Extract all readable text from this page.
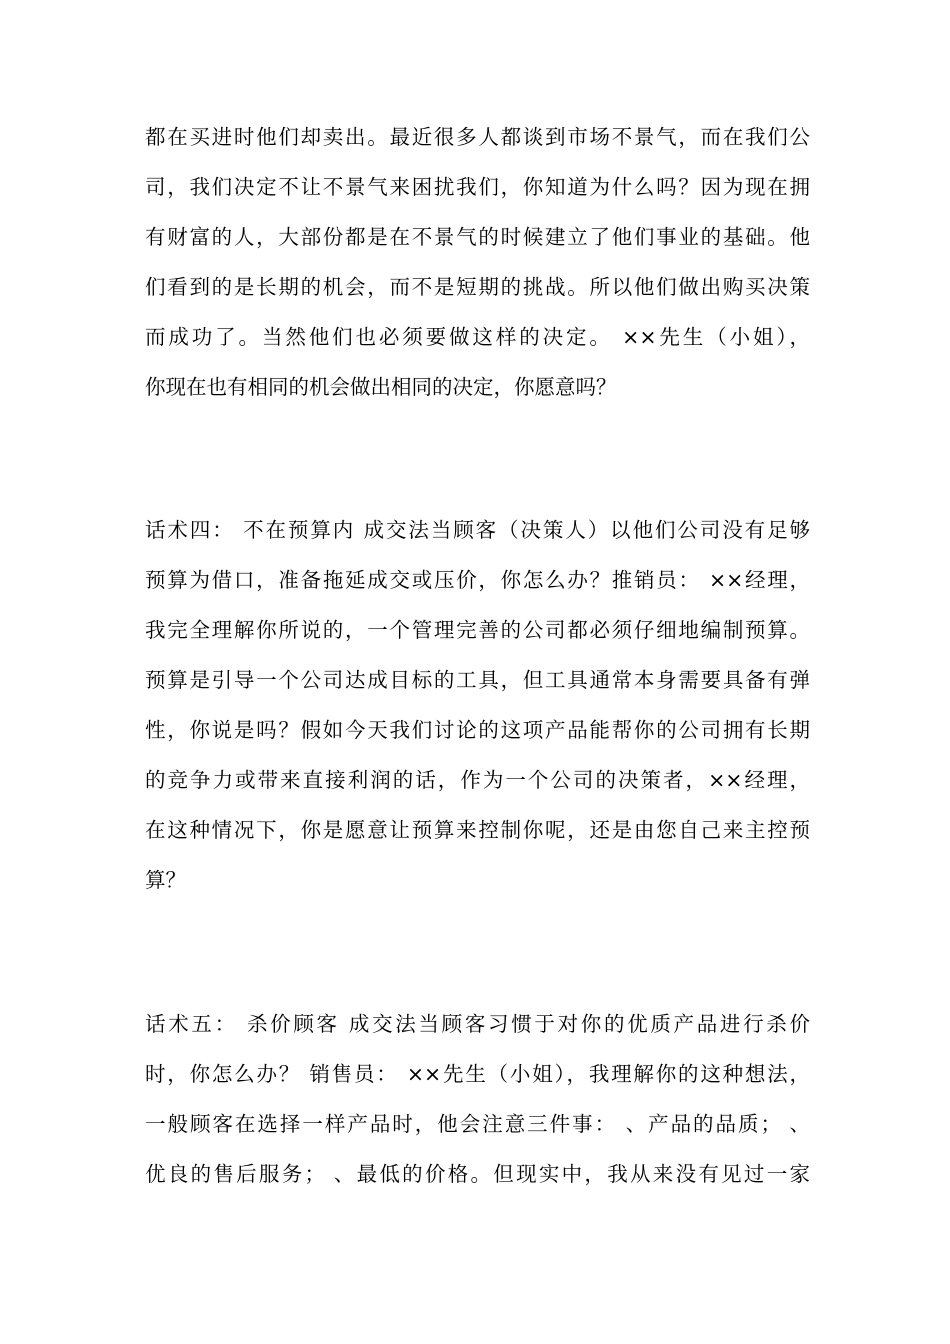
都在买进时他们却卖出。最近很多人都谈到市场不景气，而在我们公
司，我们决定不让不景气来困扰我们，你知道为什么吗？因为现在拥
有财富的人，大部份都是在不景气的时候建立了他们事业的基础。他
们看到的是长期的机会，而不是短期的挑战。所以他们做出购买决策
而成功了。当然他们也必须要做这样的决定。 ××先生（小姐），
你现在也有相同的机会做出相同的决定，你愿意吗？
话术四： 不在预算内 成交法当顾客（决策人）以他们公司没有足够
预算为借口，准备拖延成交或压价，你怎么办？推销员： ××经理，
我完全理解你所说的，一个管理完善的公司都必须仔细地编制预算。
预算是引导一个公司达成目标的工具，但工具通常本身需要具备有弹
性，你说是吗？假如今天我们讨论的这项产品能帮你的公司拥有长期
的竞争力或带来直接利润的话，作为一个公司的决策者，××经理，
在这种情况下，你是愿意让预算来控制你呢，还是由您自己来主控预
算？
话术五： 杀价顾客 成交法当顾客习惯于对你的优质产品进行杀价
时，你怎么办？ 销售员： ××先生（小姐），我理解你的这种想法，
一般顾客在选择一样产品时，他会注意三件事： 、产品的品质； 、
优良的售后服务； 、最低的价格。但现实中，我从来没有见过一家
